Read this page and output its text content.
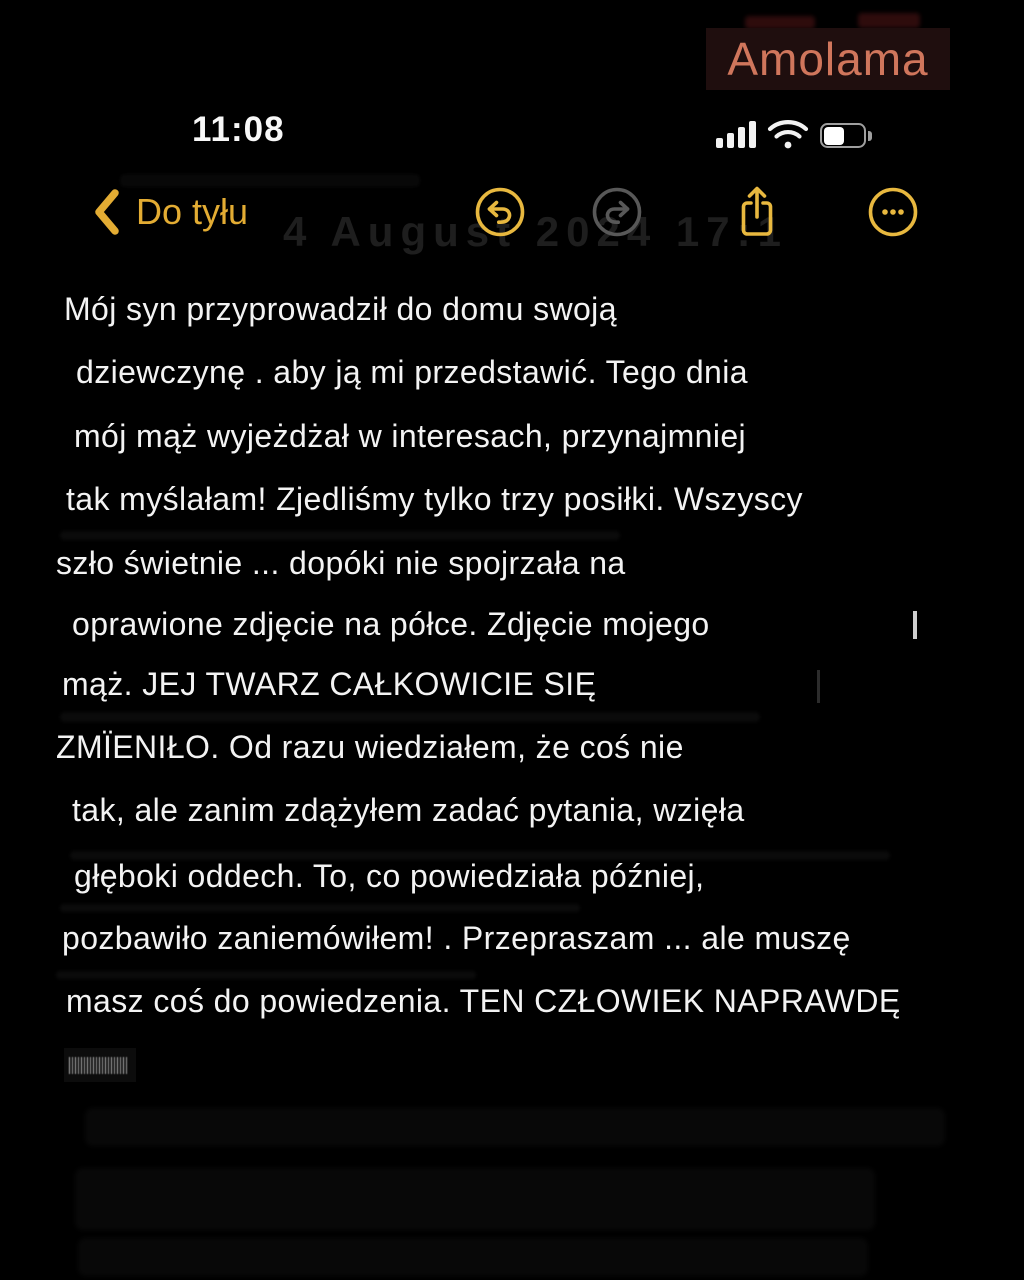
Amolama
11:08
4 August 2024 17:1
Do tyłu
Mój syn przyprowadził do domu swoją
dziewczynę . aby ją mi przedstawić. Tego dnia
mój mąż wyjeżdżał w interesach, przynajmniej
tak myślałam! Zjedliśmy tylko trzy posiłki. Wszyscy
szło świetnie ... dopóki nie spojrzała na
oprawione zdjęcie na półce. Zdjęcie mojego
mąż. JEJ TWARZ CAŁKOWICIE SIĘ
ZMÏENIŁO. Od razu wiedziałem, że coś nie
tak, ale zanim zdążyłem zadać pytania, wzięła
głęboki oddech. To, co powiedziała później,
pozbawiło zaniemówiłem! . Przepraszam ... ale muszę
masz coś do powiedzenia. TEN CZŁOWIEK NAPRAWDĘ
